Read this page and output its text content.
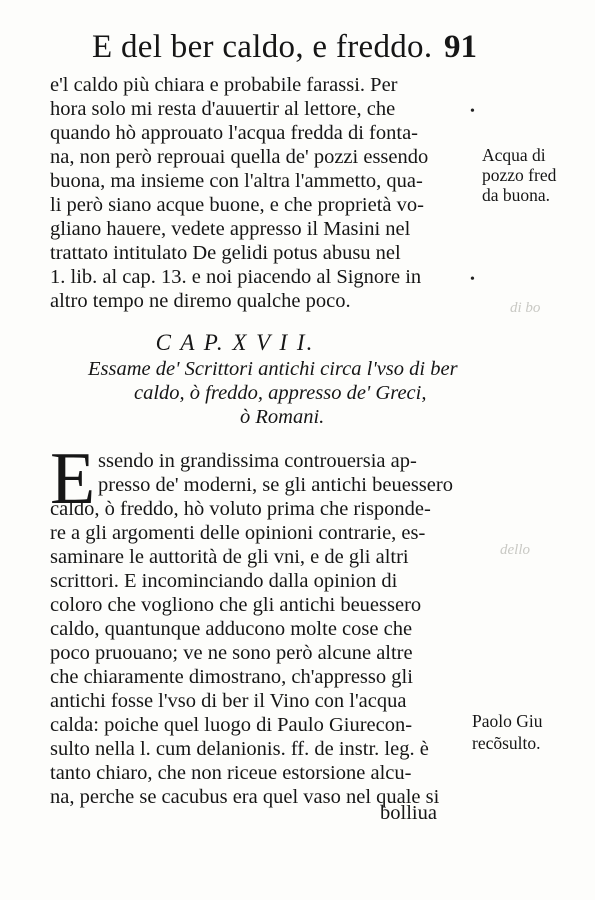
E del ber caldo, e freddo. 91
e'l caldo più chiara e probabile farassi. Per
hora solo mi resta d'auuertir al lettore, che
quando hò approuato l'acqua fredda di fonta-
na, non però reprouai quella de' pozzi essendo
buona, ma insieme con l'altra l'ammetto, qua-
li però siano acque buone, e che proprietà vo-
gliano hauere, vedete appresso il Masini nel
trattato intitulato De gelidi potus abusu nel
1. lib. al cap. 13. e noi piacendo al Signore in
altro tempo ne diremo qualche poco.
•
•
Acqua di
pozzo fred
da buona.
di bo
dello
C A P. X V I I.
Essame de' Scrittori antichi circa l'vso di ber
caldo, ò freddo, appresso de' Greci,
ò Romani.
E ssendo in grandissima controuersia ap-
presso de' moderni, se gli antichi beuessero
caldo, ò freddo, hò voluto prima che risponde-
re a gli argomenti delle opinioni contrarie, es-
saminare le auttorità de gli vni, e de gli altri
scrittori. E incominciando dalla opinion di
coloro che vogliono che gli antichi beuessero
caldo, quantunque adducono molte cose che
poco pruouano; ve ne sono però alcune altre
che chiaramente dimostrano, ch'appresso gli
antichi fosse l'vso di ber il Vino con l'acqua
calda: poiche quel luogo di Paulo Giurecon-
sulto nella l. cum delanionis. ff. de instr. leg. è
tanto chiaro, che non riceue estorsione alcu-
na, perche se cacubus era quel vaso nel quale si
Paolo Giu
recõsulto.
bolliua
